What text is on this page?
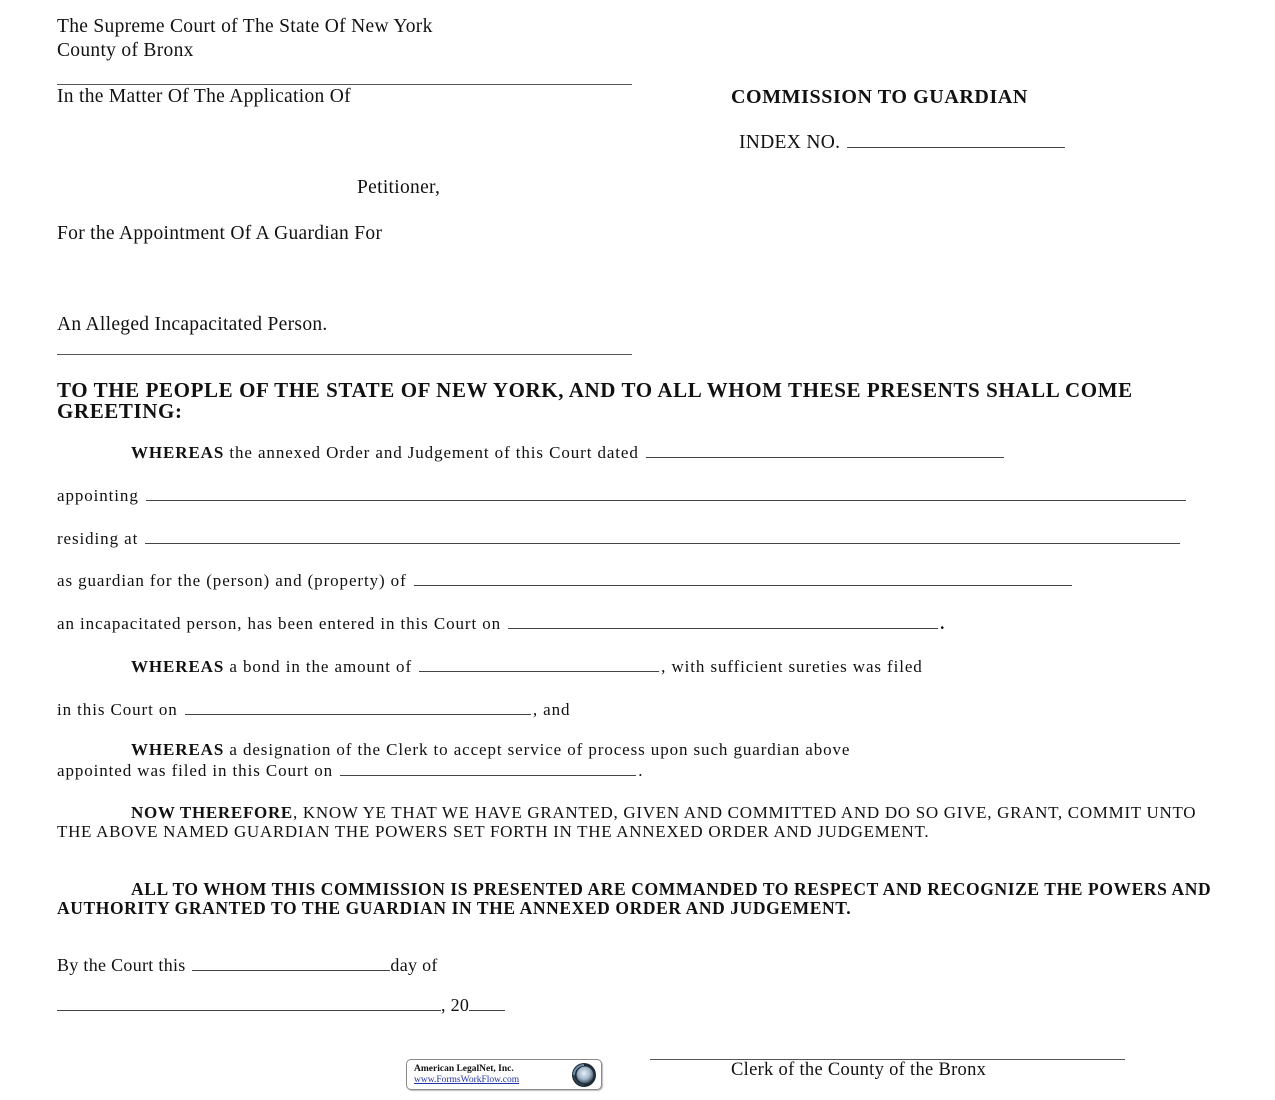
The Supreme Court of The State Of New York
County of Bronx
In the Matter Of The Application Of
Petitioner,
For the Appointment Of A Guardian For
An Alleged Incapacitated Person.
COMMISSION TO GUARDIAN
INDEX NO.
TO THE PEOPLE OF THE STATE OF NEW YORK, AND TO ALL WHOM THESE PRESENTS SHALL COME GREETING:
WHEREAS the annexed Order and Judgement of this Court dated
appointing
residing at
as guardian for the (person) and (property) of
an incapacitated person, has been entered in this Court on	.
WHEREAS a bond in the amount of	, with sufficient sureties was filed
in this Court on	, and
WHEREAS a designation of the Clerk to accept service of process upon such guardian above
appointed was filed in this Court on	.
NOW THEREFORE, KNOW YE THAT WE HAVE GRANTED, GIVEN AND COMMITTED AND DO SO GIVE, GRANT, COMMIT UNTO THE ABOVE NAMED GUARDIAN THE POWERS SET FORTH IN THE ANNEXED ORDER AND JUDGEMENT.
ALL TO WHOM THIS COMMISSION IS PRESENTED ARE COMMANDED TO RESPECT AND RECOGNIZE THE POWERS AND AUTHORITY GRANTED TO THE GUARDIAN IN THE ANNEXED ORDER AND JUDGEMENT.
By the Court this	day of
, 20
Clerk of the County of the Bronx
American LegalNet, Inc.
www.FormsWorkFlow.com
